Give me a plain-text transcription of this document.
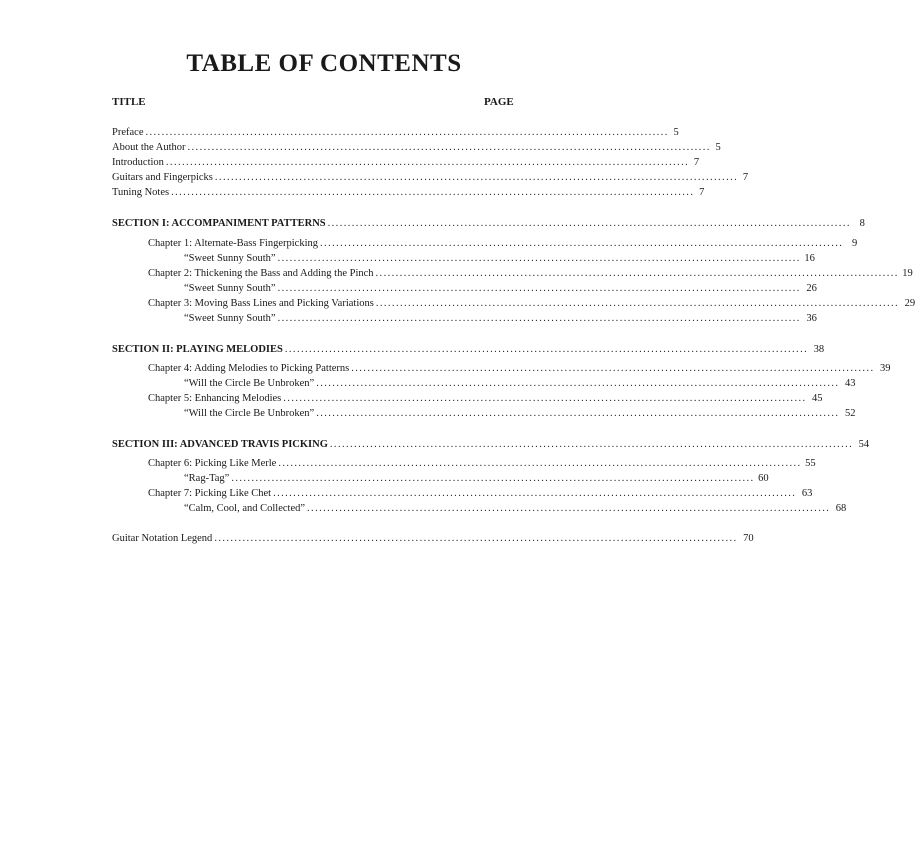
TABLE OF CONTENTS
TITLE	PAGE
Preface .................................................................................................................................. 5
About the Author .................................................................................................................................. 5
Introduction .................................................................................................................................. 7
Guitars and Fingerpicks .................................................................................................................................. 7
Tuning Notes .................................................................................................................................. 7
SECTION I: ACCOMPANIMENT PATTERNS .................................................................................................................................. 8
Chapter 1: Alternate-Bass Fingerpicking .................................................................................................................................. 9
“Sweet Sunny South” .................................................................................................................................. 16
Chapter 2: Thickening the Bass and Adding the Pinch .................................................................................................................................. 19
“Sweet Sunny South” .................................................................................................................................. 26
Chapter 3: Moving Bass Lines and Picking Variations .................................................................................................................................. 29
“Sweet Sunny South” .................................................................................................................................. 36
SECTION II: PLAYING MELODIES .................................................................................................................................. 38
Chapter 4: Adding Melodies to Picking Patterns .................................................................................................................................. 39
“Will the Circle Be Unbroken” .................................................................................................................................. 43
Chapter 5: Enhancing Melodies .................................................................................................................................. 45
“Will the Circle Be Unbroken” .................................................................................................................................. 52
SECTION III: ADVANCED TRAVIS PICKING .................................................................................................................................. 54
Chapter 6: Picking Like Merle .................................................................................................................................. 55
“Rag-Tag” .................................................................................................................................. 60
Chapter 7: Picking Like Chet .................................................................................................................................. 63
“Calm, Cool, and Collected” .................................................................................................................................. 68
Guitar Notation Legend .................................................................................................................................. 70
